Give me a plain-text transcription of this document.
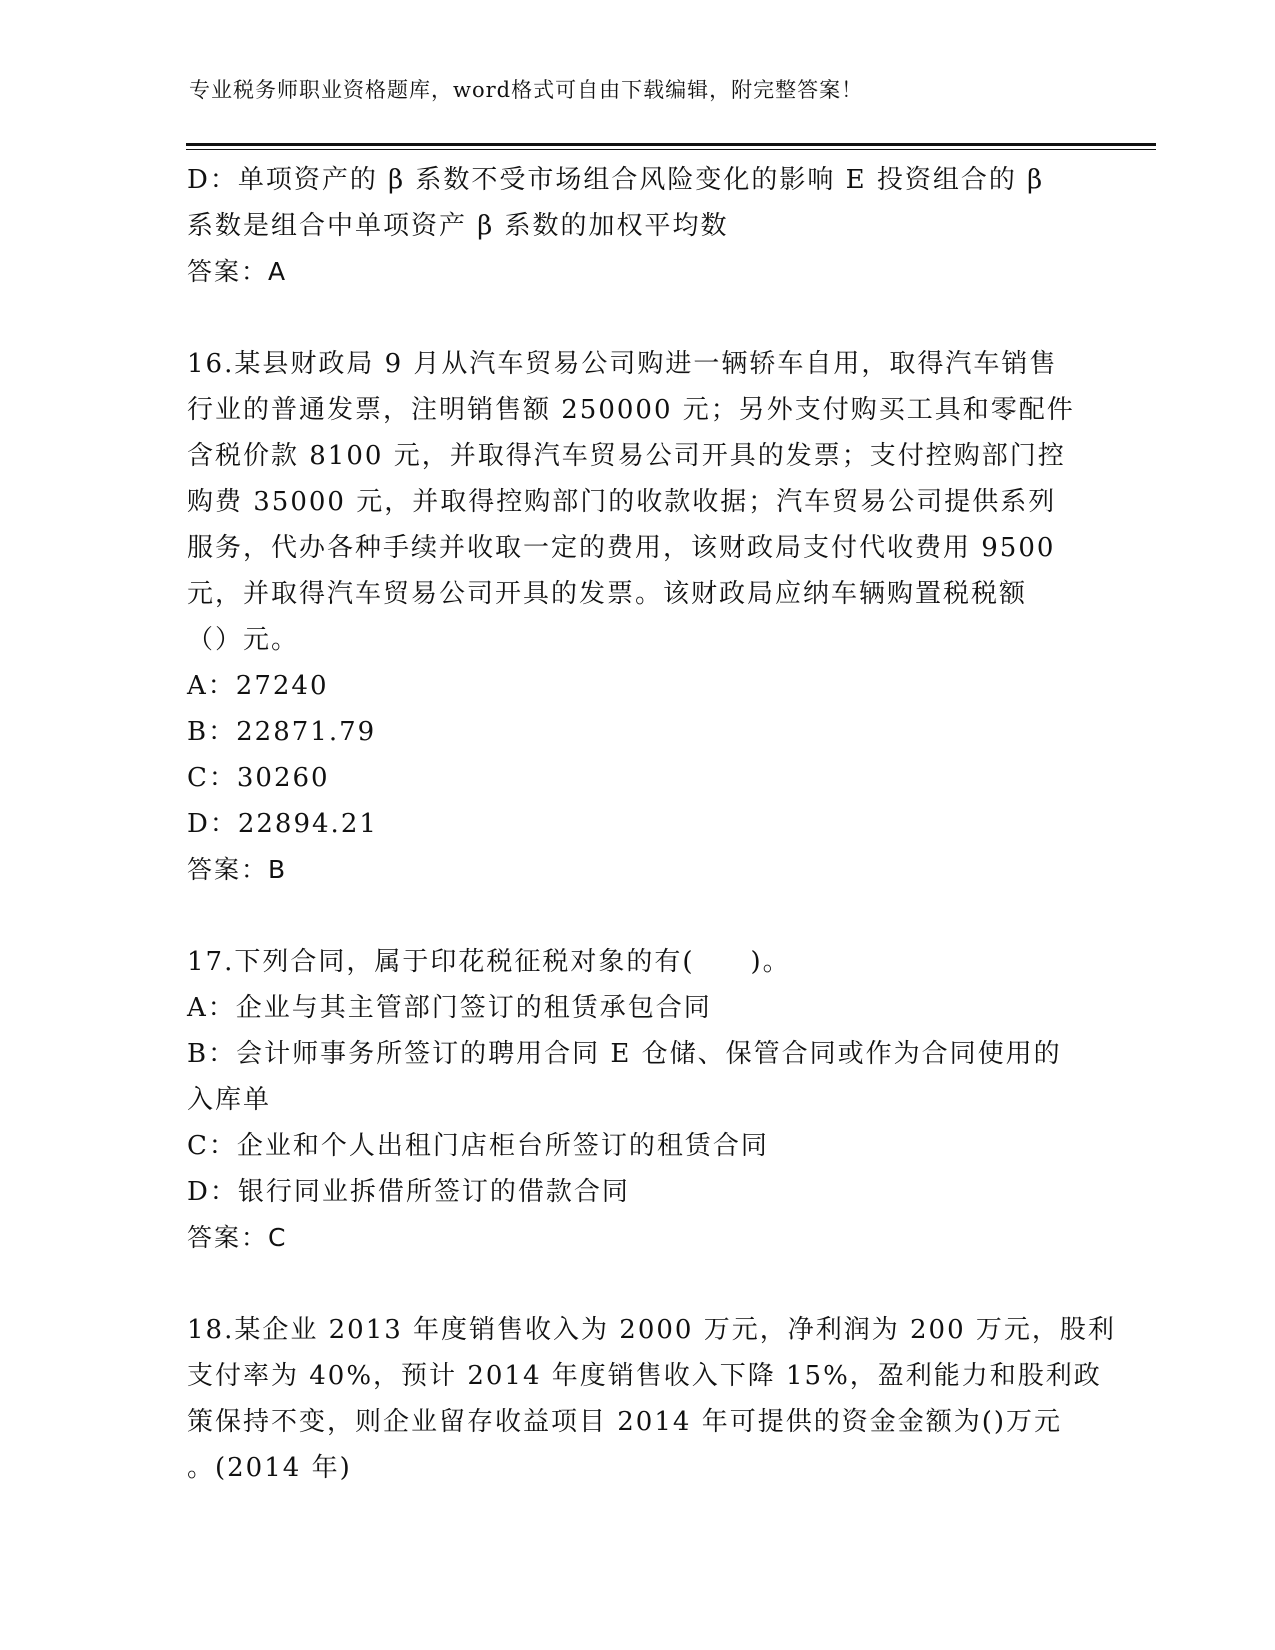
专业税务师职业资格题库，word格式可自由下载编辑，附完整答案！
D：单项资产的 β 系数不受市场组合风险变化的影响 E 投资组合的 β
系数是组合中单项资产 β 系数的加权平均数
答案：A
16.某县财政局 9 月从汽车贸易公司购进一辆轿车自用，取得汽车销售
行业的普通发票，注明销售额 250000 元；另外支付购买工具和零配件
含税价款 8100 元，并取得汽车贸易公司开具的发票；支付控购部门控
购费 35000 元，并取得控购部门的收款收据；汽车贸易公司提供系列
服务，代办各种手续并收取一定的费用，该财政局支付代收费用 9500
元，并取得汽车贸易公司开具的发票。该财政局应纳车辆购置税税额
（）元。
A：27240
B：22871.79
C：30260
D：22894.21
答案：B
17.下列合同，属于印花税征税对象的有(　　)。
A：企业与其主管部门签订的租赁承包合同
B：会计师事务所签订的聘用合同 E 仓储、保管合同或作为合同使用的
入库单
C：企业和个人出租门店柜台所签订的租赁合同
D：银行同业拆借所签订的借款合同
答案：C
18.某企业 2013 年度销售收入为 2000 万元，净利润为 200 万元，股利
支付率为 40%，预计 2014 年度销售收入下降 15%，盈利能力和股利政
策保持不变，则企业留存收益项目 2014 年可提供的资金金额为()万元
。(2014 年)
